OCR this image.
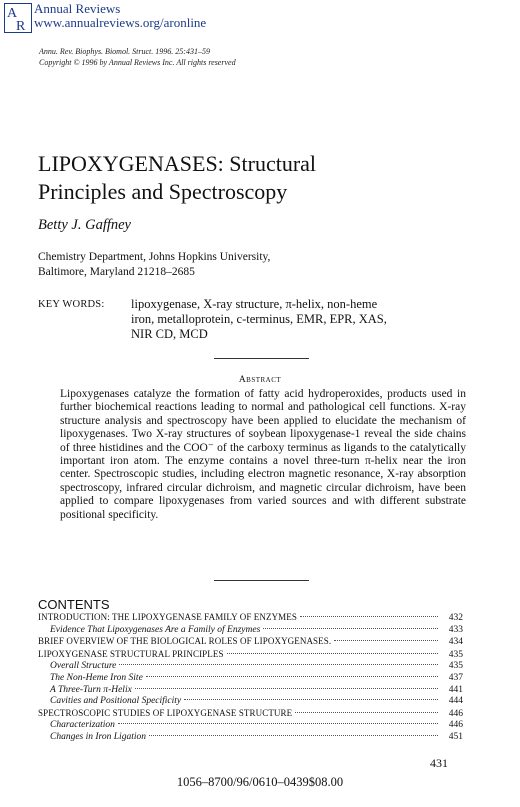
A
R
Annual Reviews
www.annualreviews.org/aronline
Annu. Rev. Biophys. Biomol. Struct. 1996. 25:431–59
Copyright © 1996 by Annual Reviews Inc. All rights reserved
LIPOXYGENASES: Structural
Principles and Spectroscopy
Betty J. Gaffney
Chemistry Department, Johns Hopkins University,
Baltimore, Maryland 21218–2685
KEY WORDS: lipoxygenase, X-ray structure, π-helix, non-heme
iron, metalloprotein, c-terminus, EMR, EPR, XAS,
NIR CD, MCD
Abstract
Lipoxygenases catalyze the formation of fatty acid hydroperoxides, products used in further biochemical reactions leading to normal and pathological cell functions. X-ray structure analysis and spectroscopy have been applied to elucidate the mechanism of lipoxygenases. Two X-ray structures of soybean lipoxygenase-1 reveal the side chains of three histidines and the COO⁻ of the carboxy terminus as ligands to the catalytically important iron atom. The enzyme contains a novel three-turn π-helix near the iron center. Spectroscopic studies, including electron magnetic resonance, X-ray absorption spectroscopy, infrared circular dichroism, and magnetic circular dichroism, have been applied to compare lipoxygenases from varied sources and with different substrate positional specificity.
CONTENTS
INTRODUCTION: THE LIPOXYGENASE FAMILY OF ENZYMES	432
Evidence That Lipoxygenases Are a Family of Enzymes	433
BRIEF OVERVIEW OF THE BIOLOGICAL ROLES OF LIPOXYGENASES.	434
LIPOXYGENASE STRUCTURAL PRINCIPLES	435
Overall Structure	435
The Non-Heme Iron Site	437
A Three-Turn π-Helix	441
Cavities and Positional Specificity	444
SPECTROSCOPIC STUDIES OF LIPOXYGENASE STRUCTURE	446
Characterization	446
Changes in Iron Ligation	451
431
1056–8700/96/0610–0439$08.00
